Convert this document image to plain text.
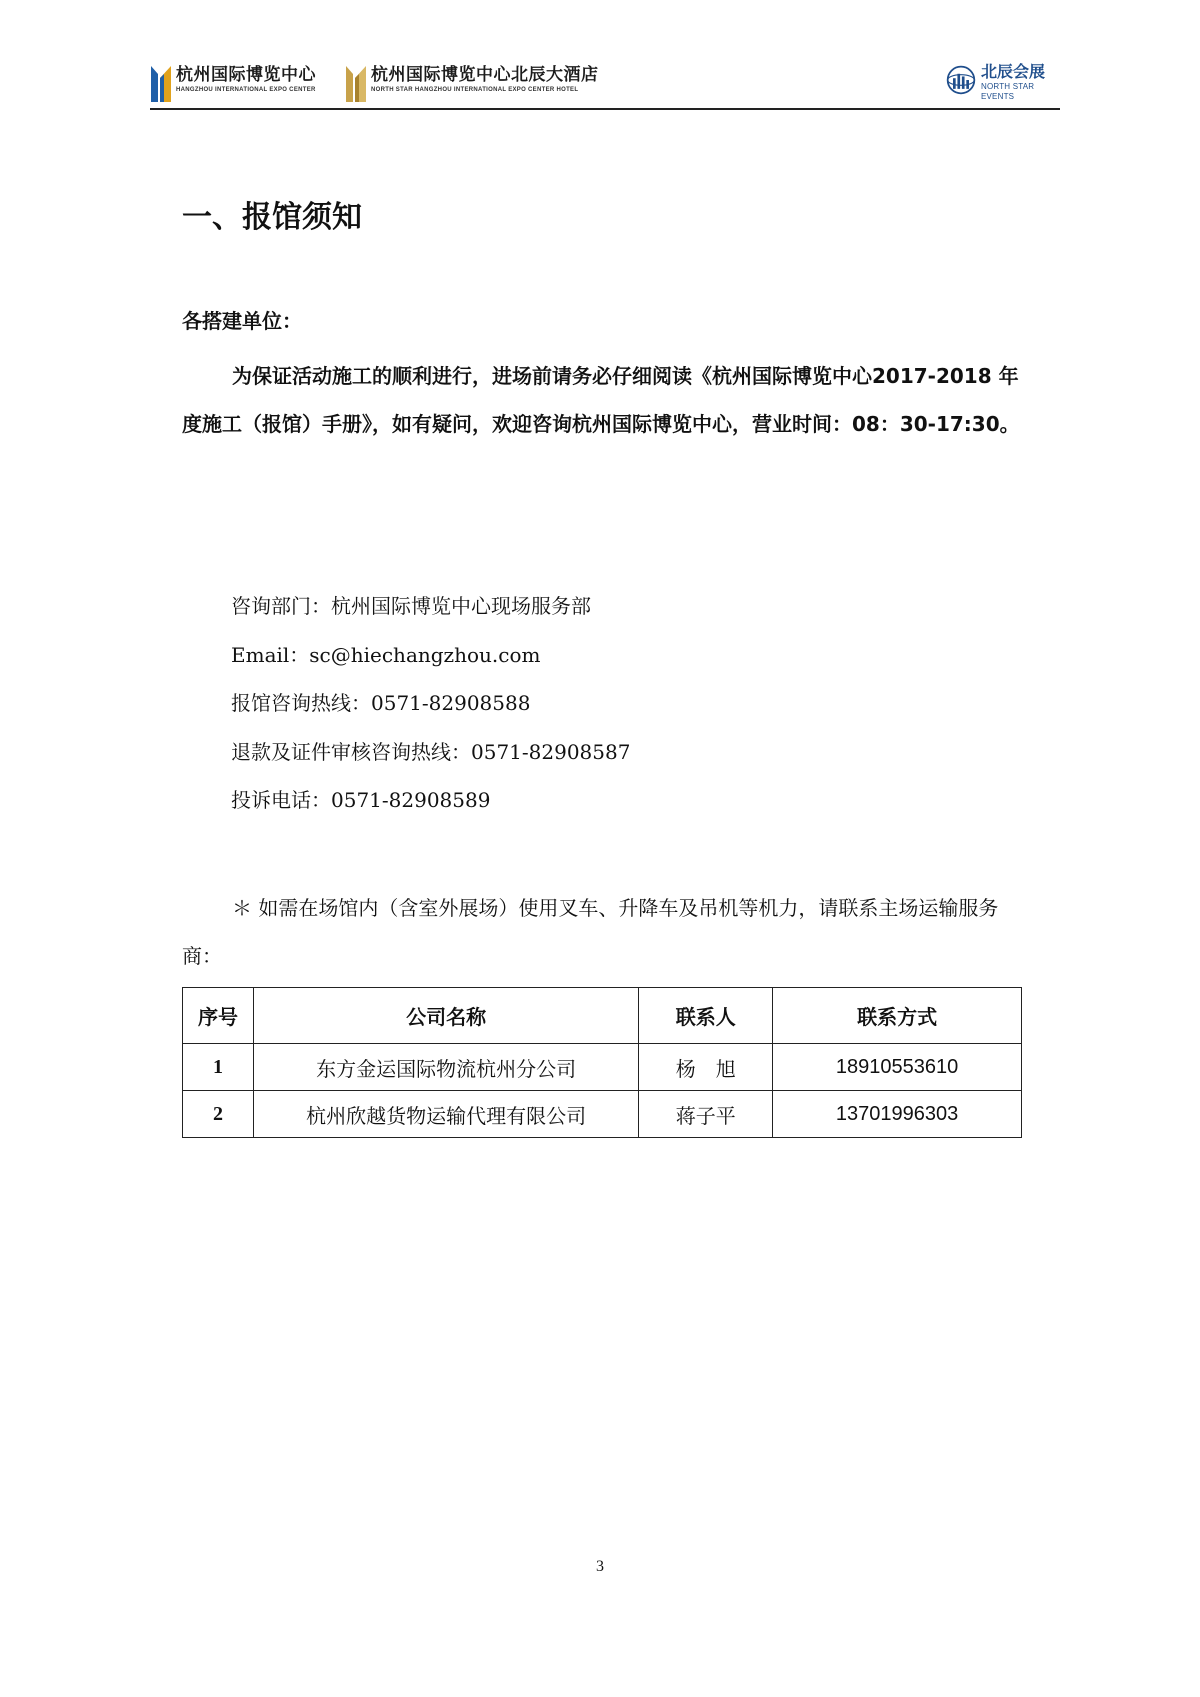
杭州国际博览中心
HANGZHOU INTERNATIONAL EXPO CENTER
杭州国际博览中心北辰大酒店
NORTH STAR HANGZHOU INTERNATIONAL EXPO CENTER HOTEL
北辰会展
NORTH STAR EVENTS
一、报馆须知
各搭建单位：

为保证活动施工的顺利进行，进场前请务必仔细阅读《杭州国际博览中心2017-2018 年度施工（报馆）手册》，如有疑问，欢迎咨询杭州国际博览中心，营业时间：08：30-17:30。

咨询部门：杭州国际博览中心现场服务部
Email：sc@hiechangzhou.com
报馆咨询热线：0571-82908588
退款及证件审核咨询热线：0571-82908587
投诉电话：0571-82908589

＊ 如需在场馆内（含室外展场）使用叉车、升降车及吊机等机力，请联系主场运输服务商：

序号	公司名称	联系人	联系方式
1	东方金运国际物流杭州分公司	杨　旭	18910553610
2	杭州欣越货物运输代理有限公司	蒋子平	13701996303
3
